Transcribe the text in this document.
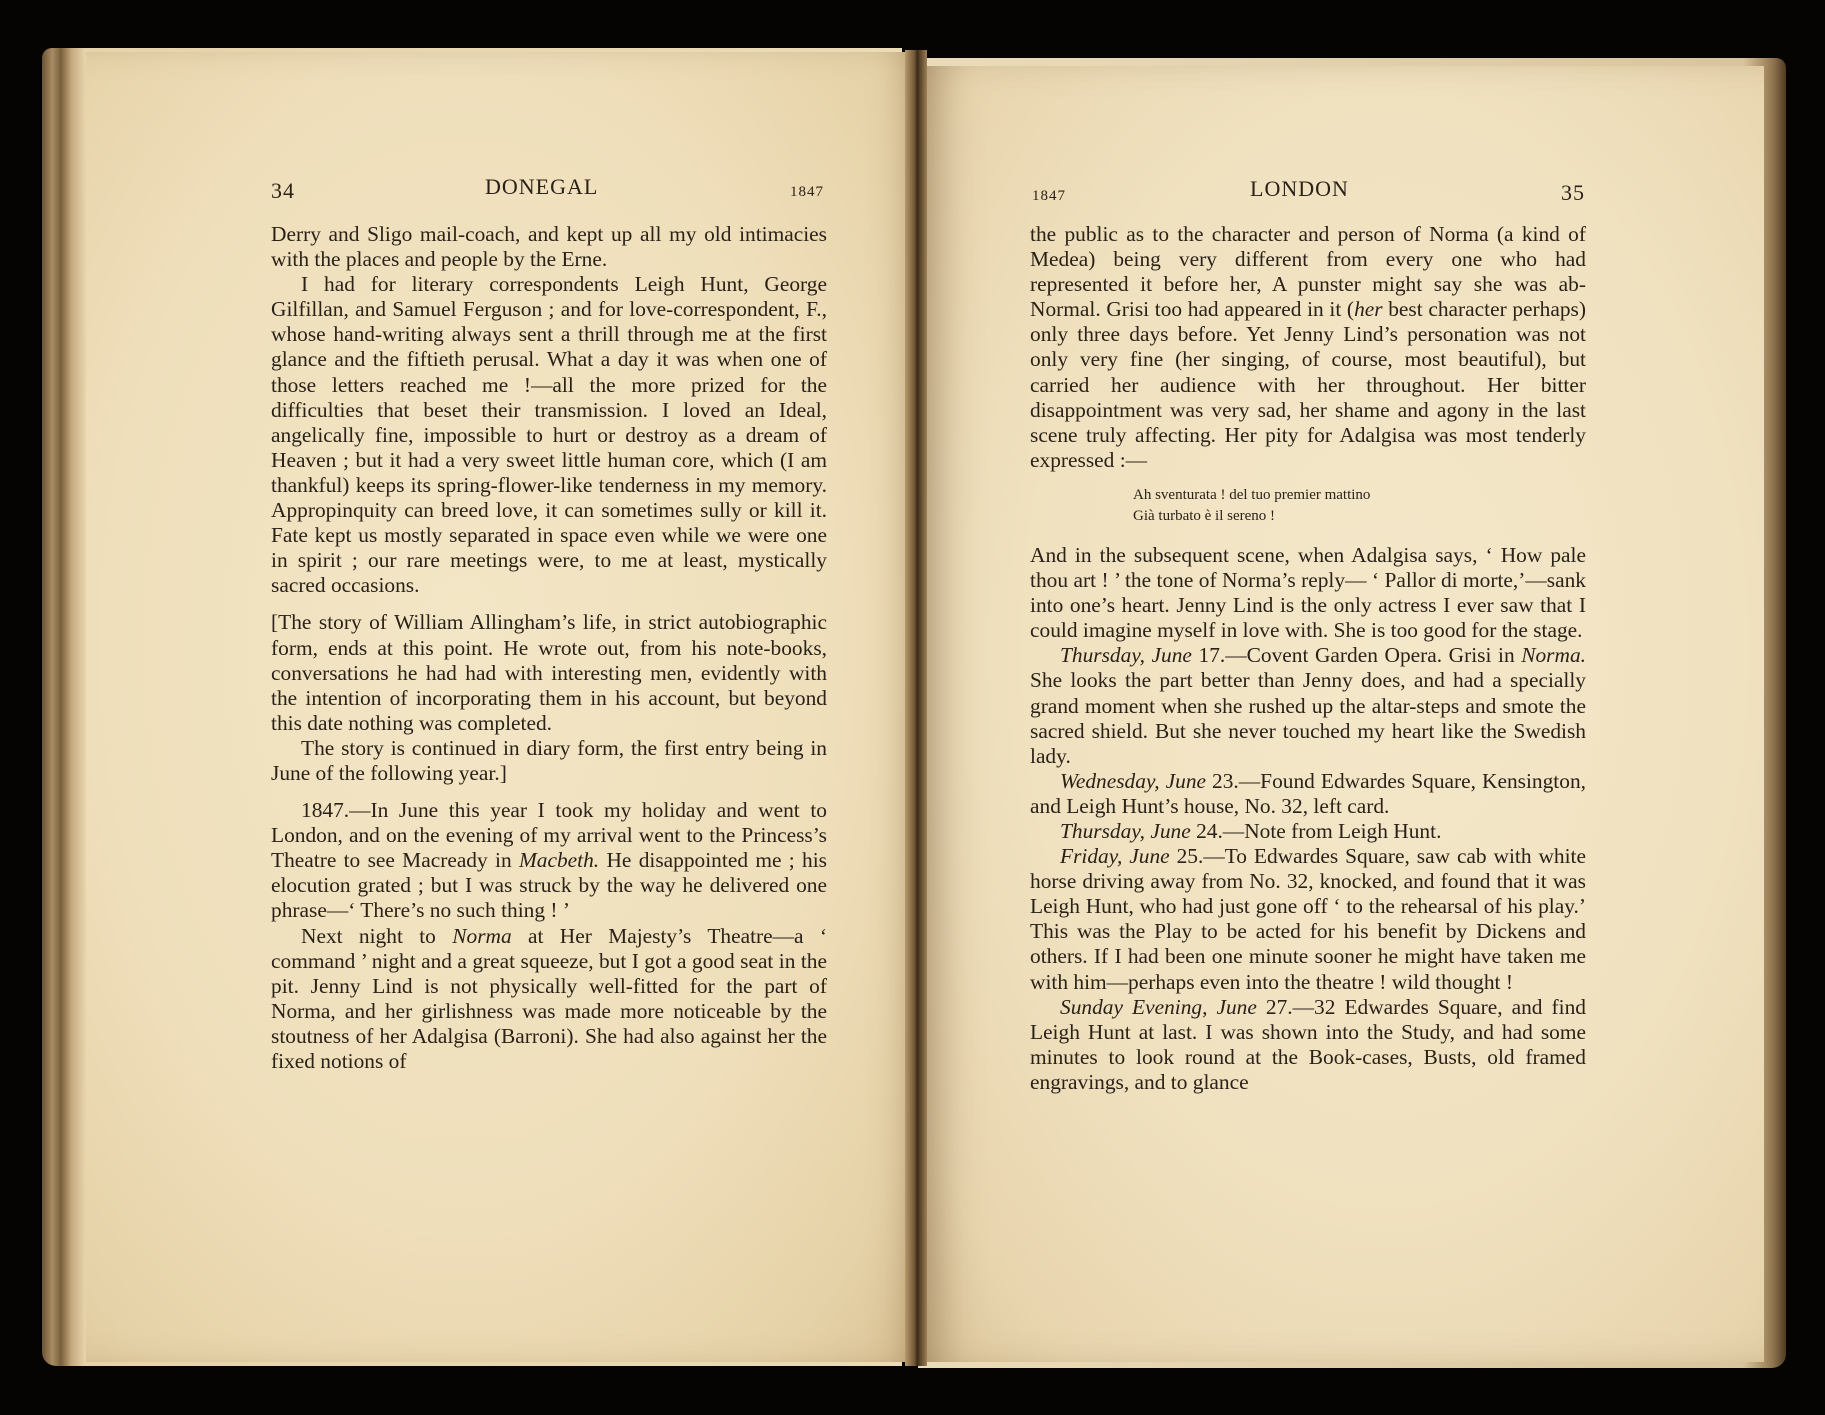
34	DONEGAL	1847	1847	LONDON	35

Derry and Sligo mail-coach, and kept up all my old intimacies with the places and people by the Erne.

I had for literary correspondents Leigh Hunt, George Gilfillan, and Samuel Ferguson ; and for love-correspondent, F., whose hand-writing always sent a thrill through me at the first glance and the fiftieth perusal. What a day it was when one of those letters reached me !—all the more prized for the difficulties that beset their transmission. I loved an Ideal, angelically fine, impossible to hurt or destroy as a dream of Heaven ; but it had a very sweet little human core, which (I am thankful) keeps its spring-flower-like tenderness in my memory. Appropinquity can breed love, it can sometimes sully or kill it. Fate kept us mostly separated in space even while we were one in spirit ; our rare meetings were, to me at least, mystically sacred occasions.

[The story of William Allingham’s life, in strict autobiographic form, ends at this point. He wrote out, from his note-books, conversations he had had with interesting men, evidently with the intention of incorporating them in his account, but beyond this date nothing was completed.

The story is continued in diary form, the first entry being in June of the following year.]

1847.—In June this year I took my holiday and went to London, and on the evening of my arrival went to the Princess’s Theatre to see Macready in Macbeth. He disappointed me ; his elocution grated ; but I was struck by the way he delivered one phrase—‘ There’s no such thing ! ’

Next night to Norma at Her Majesty’s Theatre—a ‘ command ’ night and a great squeeze, but I got a good seat in the pit. Jenny Lind is not physically well-fitted for the part of Norma, and her girlishness was made more noticeable by the stoutness of her Adalgisa (Barroni). She had also against her the fixed notions of

the public as to the character and person of Norma (a kind of Medea) being very different from every one who had represented it before her, A punster might say she was ab-Normal. Grisi too had appeared in it (her best character perhaps) only three days before. Yet Jenny Lind’s personation was not only very fine (her singing, of course, most beautiful), but carried her audience with her throughout. Her bitter disappointment was very sad, her shame and agony in the last scene truly affecting. Her pity for Adalgisa was most tenderly expressed :—

Ah sventurata ! del tuo premier mattino
Già turbato è il sereno !

And in the subsequent scene, when Adalgisa says, ‘ How pale thou art ! ’ the tone of Norma’s reply— ‘ Pallor di morte,’—sank into one’s heart. Jenny Lind is the only actress I ever saw that I could imagine myself in love with. She is too good for the stage.

Thursday, June 17.—Covent Garden Opera. Grisi in Norma. She looks the part better than Jenny does, and had a specially grand moment when she rushed up the altar-steps and smote the sacred shield. But she never touched my heart like the Swedish lady.

Wednesday, June 23.—Found Edwardes Square, Kensington, and Leigh Hunt’s house, No. 32, left card.

Thursday, June 24.—Note from Leigh Hunt.

Friday, June 25.—To Edwardes Square, saw cab with white horse driving away from No. 32, knocked, and found that it was Leigh Hunt, who had just gone off ‘ to the rehearsal of his play.’ This was the Play to be acted for his benefit by Dickens and others. If I had been one minute sooner he might have taken me with him—perhaps even into the theatre ! wild thought !

Sunday Evening, June 27.—32 Edwardes Square, and find Leigh Hunt at last. I was shown into the Study, and had some minutes to look round at the Book-cases, Busts, old framed engravings, and to glance
